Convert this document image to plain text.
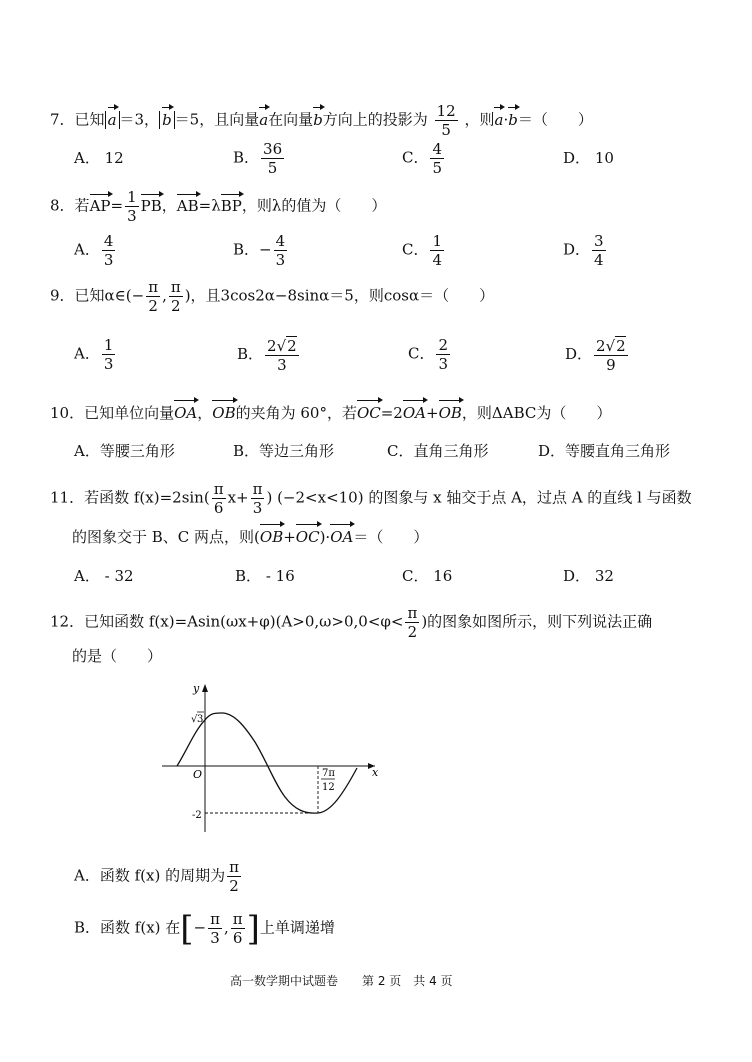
7．已知 a ＝3， b ＝5，且向量a在向量b方向上的投影为 $\frac{12}{5}$ ，则a·b＝（　　）
A． 12	B． $\frac{36}{5}$	C． $\frac{4}{5}$	D． 10
8．若$AP= \frac{1}{3}$ PB，AB=λBP，则λ的值为（　　）
A． $\frac{4}{3}$	B．− $\frac{4}{3}$	C． $\frac{1}{4}$	D． $\frac{3}{4}$
9．已知α∈(− $\frac{\pi}{2}$ , $\frac{\pi}{2}$ )，且3cos2α−8sinα＝5，则cosα＝（　　）
A． $\frac{1}{3}$	B． $\frac{2√2}{3}$	C． $\frac{2}{3}$	D． $\frac{2√2}{9}$
10．已知单位向量OA，OB的夹角为 60°，若OC=2OA+OB，则ΔABC为（　　）
A．等腰三角形	B．等边三角形	C．直角三角形	D．等腰直角三角形
11．若函数 $f(x)=2\sin( \frac{\pi}{6} x+ \frac{\pi}{3}$ ) (−2<x<10) 的图象与 x 轴交于点 A，过点 A 的直线 l 与函数
的图象交于 B、C 两点，则(OB+OC)·OA＝（　　）
A． - 32	B． - 16	C． 16	D． 32
12．已知函数 $f(x)=Asin(\omega x+\varphi)(A>0,\omega>0,0<\varphi< \frac{\pi}{2}$ )的图象如图所示，则下列说法正确
的是（　　）
y
x
O
√ 3
-2
7π
12
A．函数 f(x) 的周期为 $\frac{\pi}{2}$
B．函数 f(x) 在[− $\frac{\pi}{3}$ , $\frac{\pi}{6}$ ]上单调递增
高一数学期中试题卷　　第 2 页　共 4 页
